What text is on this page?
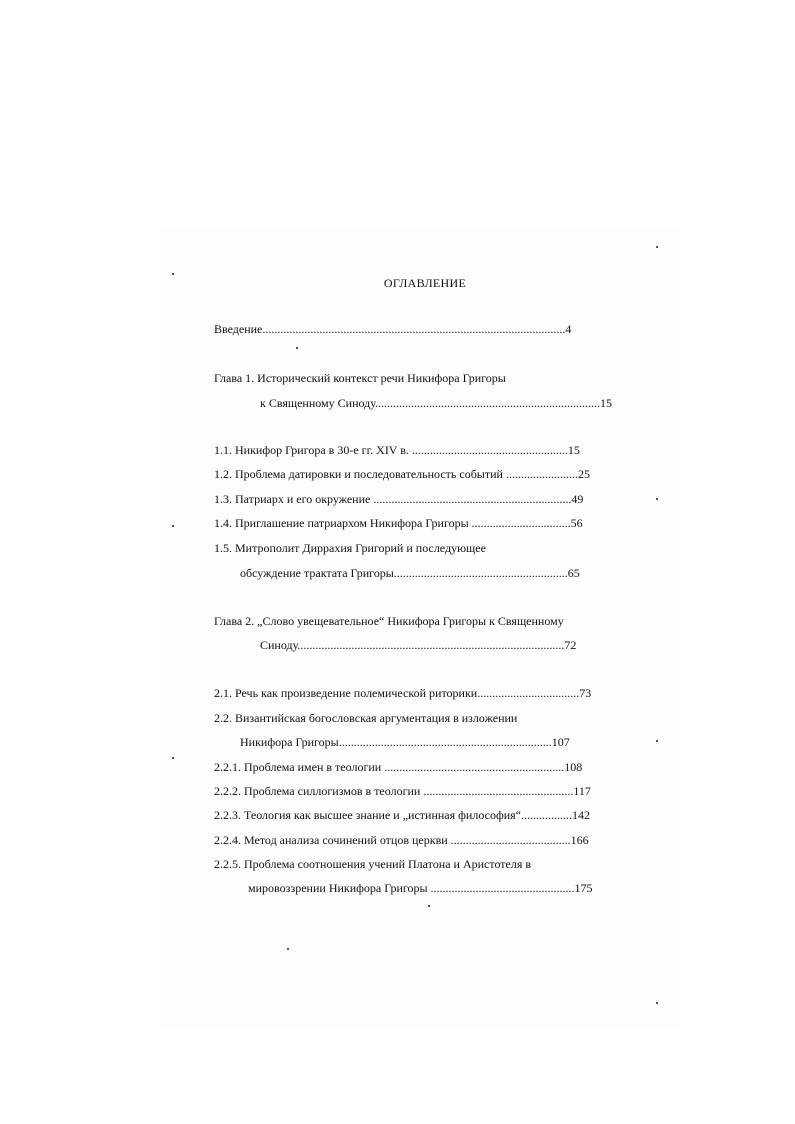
ОГЛАВЛЕНИЕ
Введение.....................................................................................................4
Глава 1. Исторический контекст речи Никифора Григоры
к Священному Синоду...........................................................................15
1.1. Никифор Григора в 30-е гг. XIV в. ....................................................15
1.2. Проблема датировки и последовательность событий ........................25
1.3. Патриарх и его окружение ..................................................................49
1.4. Приглашение патриархом Никифора Григоры .................................56
1.5. Митрополит Диррахия Григорий и последующее
обсуждение трактата Григоры..........................................................65
Глава 2. „Слово увещевательное“ Никифора Григоры к Священному
Синоду.........................................................................................72
2.1. Речь как произведение полемической риторики..................................73
2.2. Византийская богословская аргументация в изложении
Никифора Григоры.......................................................................107
2.2.1. Проблема имен в теологии ............................................................108
2.2.2. Проблема силлогизмов в теологии ..................................................117
2.2.3. Теология как высшее знание и „истинная философия“.................142
2.2.4. Метод анализа сочинений отцов церкви ........................................166
2.2.5. Проблема соотношения учений Платона и Аристотеля в
мировоззрении Никифора Григоры ................................................175
